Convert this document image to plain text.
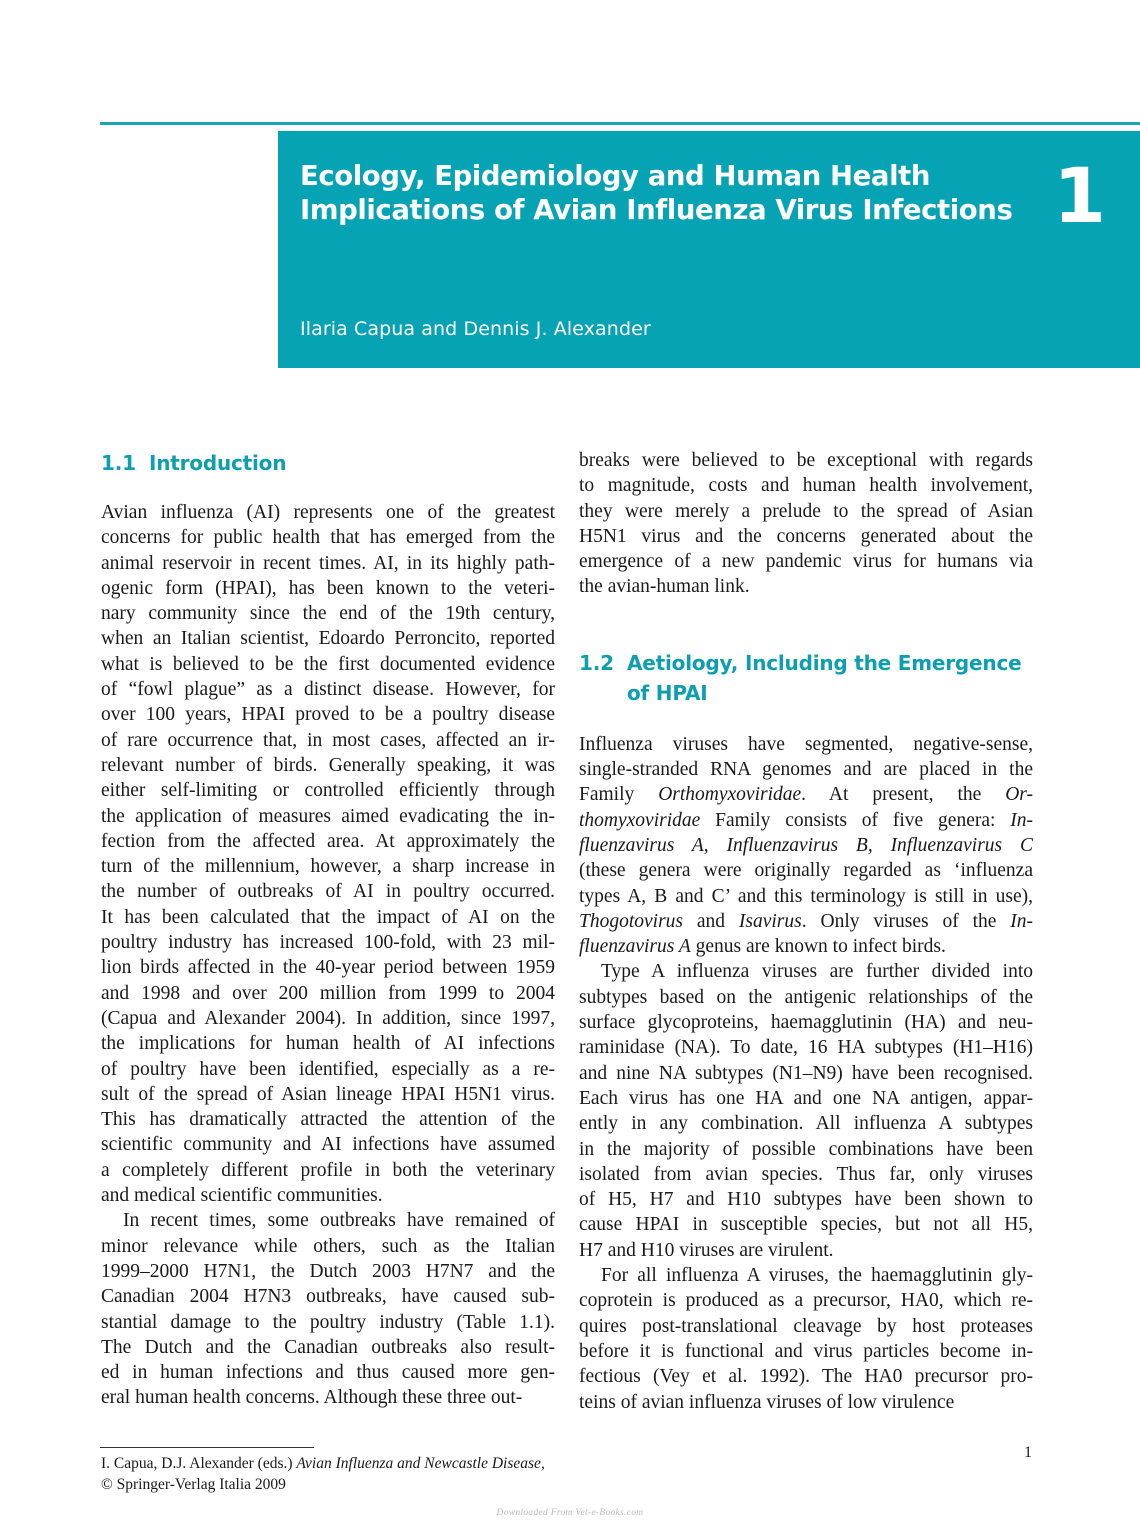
Ecology, Epidemiology and Human Health
Implications of Avian Influenza Virus Infections 1
Ilaria Capua and Dennis J. Alexander
1.1 Introduction

Avian influenza (AI) represents one of the greatest

concerns for public health that has emerged from the

animal reservoir in recent times. AI, in its highly path-

ogenic form (HPAI), has been known to the veteri-

nary community since the end of the 19th century,

when an Italian scientist, Edoardo Perroncito, reported

what is believed to be the first documented evidence

of “fowl plague” as a distinct disease. However, for

over 100 years, HPAI proved to be a poultry disease

of rare occurrence that, in most cases, affected an ir-

relevant number of birds. Generally speaking, it was

either self-limiting or controlled efficiently through

the application of measures aimed evadicating the in-

fection from the affected area. At approximately the

turn of the millennium, however, a sharp increase in

the number of outbreaks of AI in poultry occurred.

It has been calculated that the impact of AI on the

poultry industry has increased 100-fold, with 23 mil-

lion birds affected in the 40-year period between 1959

and 1998 and over 200 million from 1999 to 2004

(Capua and Alexander 2004). In addition, since 1997,

the implications for human health of AI infections

of poultry have been identified, especially as a re-

sult of the spread of Asian lineage HPAI H5N1 virus.

This has dramatically attracted the attention of the

scientific community and AI infections have assumed

a completely different profile in both the veterinary

and medical scientific communities.

In recent times, some outbreaks have remained of

minor relevance while others, such as the Italian

1999–2000 H7N1, the Dutch 2003 H7N7 and the

Canadian 2004 H7N3 outbreaks, have caused sub-

stantial damage to the poultry industry (Table 1.1).

The Dutch and the Canadian outbreaks also result-

ed in human infections and thus caused more gen-

eral human health concerns. Although these three out-

breaks were believed to be exceptional with regards

to magnitude, costs and human health involvement,

they were merely a prelude to the spread of Asian

H5N1 virus and the concerns generated about the

emergence of a new pandemic virus for humans via

the avian-human link.

1.2 Aetiology, Including the Emergence
of HPAI

Influenza viruses have segmented, negative-sense,

single-stranded RNA genomes and are placed in the

Family Orthomyxoviridae. At present, the Or-

thomyxoviridae Family consists of five genera: In-

fluenzavirus A, Influenzavirus B, Influenzavirus C

(these genera were originally regarded as ‘influenza

types A, B and C’ and this terminology is still in use),

Thogotovirus and Isavirus. Only viruses of the In-

fluenzavirus A genus are known to infect birds.

Type A influenza viruses are further divided into

subtypes based on the antigenic relationships of the

surface glycoproteins, haemagglutinin (HA) and neu-

raminidase (NA). To date, 16 HA subtypes (H1–H16)

and nine NA subtypes (N1–N9) have been recognised.

Each virus has one HA and one NA antigen, appar-

ently in any combination. All influenza A subtypes

in the majority of possible combinations have been

isolated from avian species. Thus far, only viruses

of H5, H7 and H10 subtypes have been shown to

cause HPAI in susceptible species, but not all H5,

H7 and H10 viruses are virulent.

For all influenza A viruses, the haemagglutinin gly-

coprotein is produced as a precursor, HA0, which re-

quires post-translational cleavage by host proteases

before it is functional and virus particles become in-

fectious (Vey et al. 1992). The HA0 precursor pro-

teins of avian influenza viruses of low virulence

I. Capua, D.J. Alexander (eds.) Avian Influenza and Newcastle Disease,
© Springer-Verlag Italia 2009
1
Downloaded From Vet-e-Books.com
